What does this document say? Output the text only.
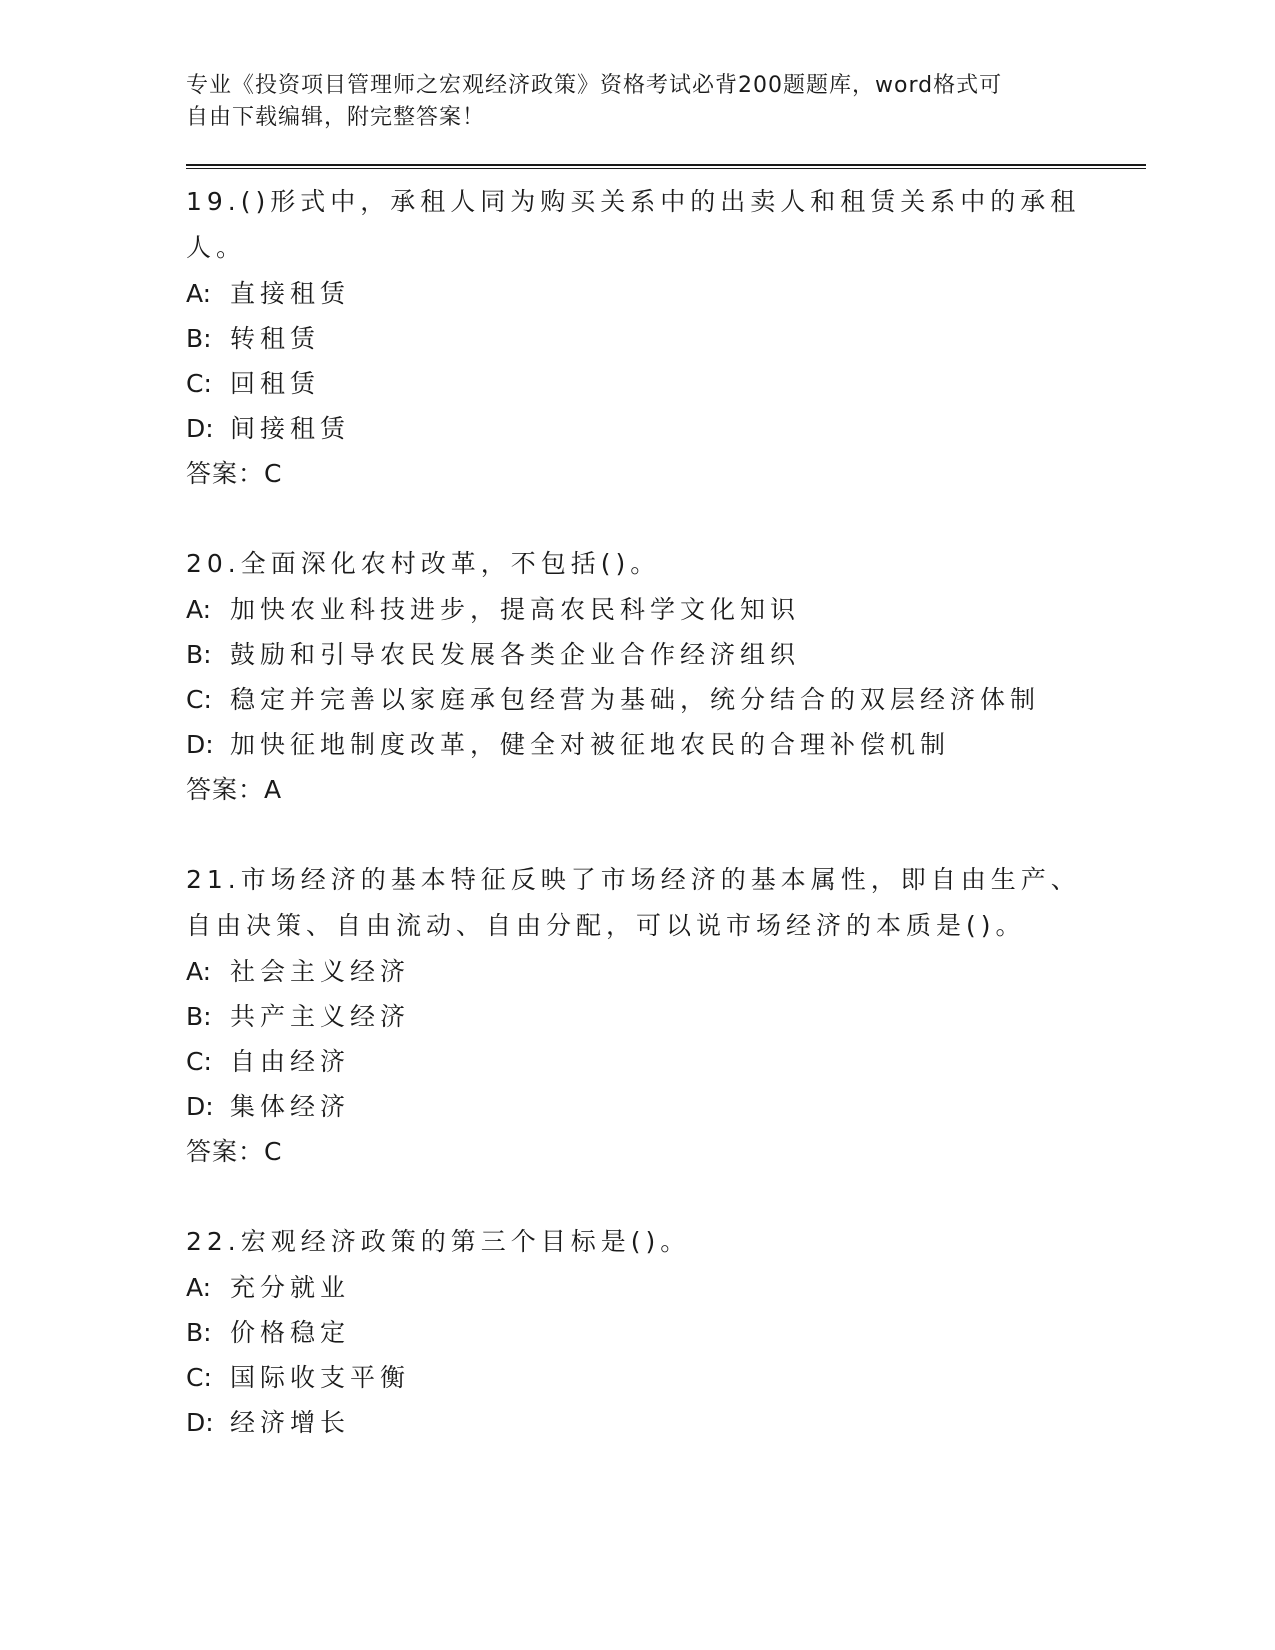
专业《投资项目管理师之宏观经济政策》资格考试必背200题题库，word格式可
自由下载编辑，附完整答案！
19.()形式中，承租人同为购买关系中的出卖人和租赁关系中的承租人。
A: 直接租赁
B: 转租赁
C: 回租赁
D: 间接租赁
答案：C
20.全面深化农村改革，不包括()。
A: 加快农业科技进步，提高农民科学文化知识
B: 鼓励和引导农民发展各类企业合作经济组织
C: 稳定并完善以家庭承包经营为基础，统分结合的双层经济体制
D: 加快征地制度改革，健全对被征地农民的合理补偿机制
答案：A
21.市场经济的基本特征反映了市场经济的基本属性，即自由生产、自由决策、自由流动、自由分配，可以说市场经济的本质是()。
A: 社会主义经济
B: 共产主义经济
C: 自由经济
D: 集体经济
答案：C
22.宏观经济政策的第三个目标是()。
A: 充分就业
B: 价格稳定
C: 国际收支平衡
D: 经济增长
